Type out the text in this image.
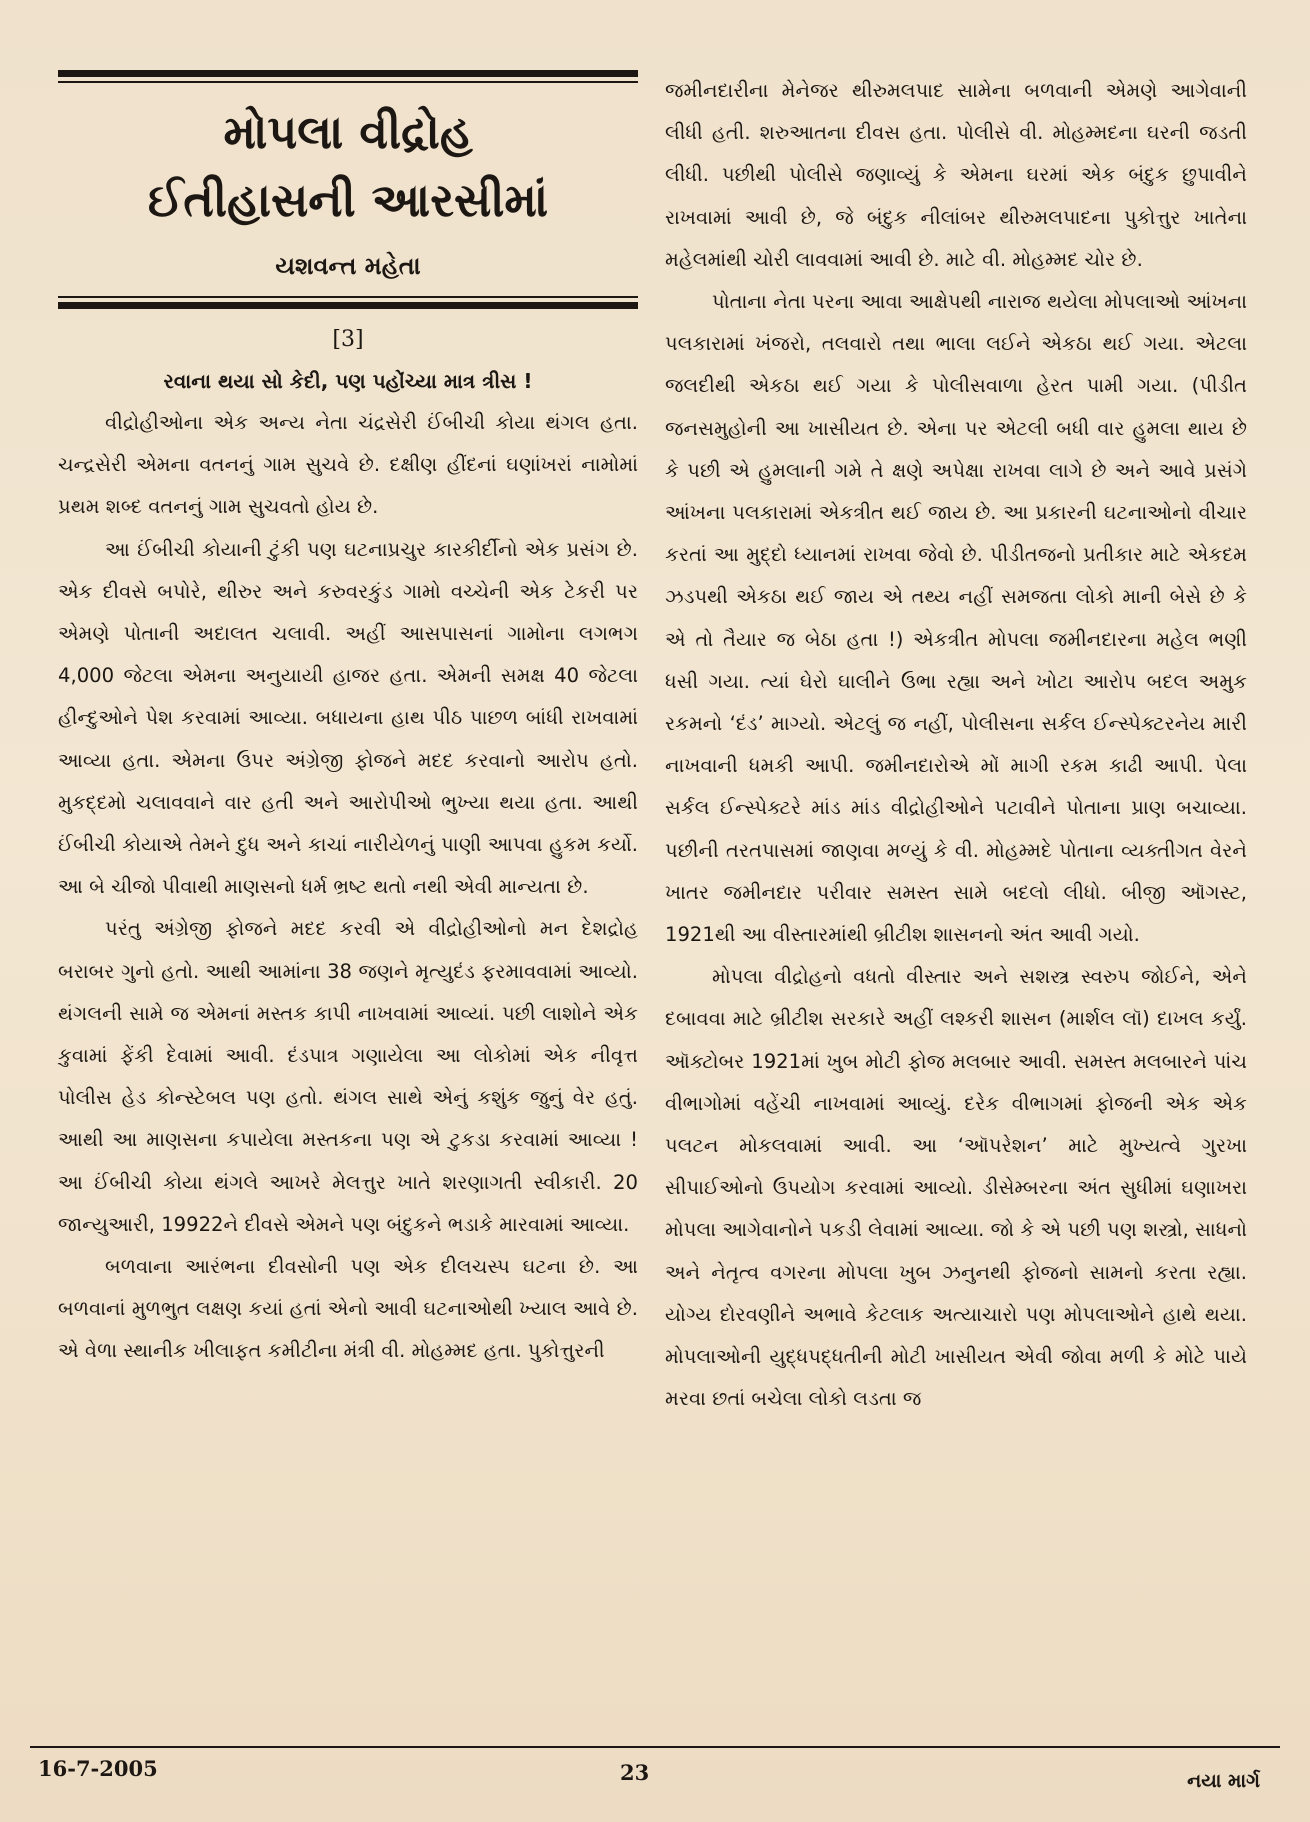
મોપલા વીદ્રોહ
ઈતીહાસની આરસીમાં
યશવન્ત મહેતા
[3]
રવાના થયા સો કેદી, પણ પહોંચ્યા માત્ર ત્રીસ !

વીદ્રોહીઓના એક અન્ય નેતા ચંદ્રસેરી ઈંબીચી કોયા થંગલ હતા. ચન્દ્રસેરી એમના વતનનું ગામ સુચવે છે. દક્ષીણ હીંદનાં ઘણાંખરાં નામોમાં પ્રથમ શબ્દ વતનનું ગામ સુચવતો હોય છે.

આ ઈંબીચી કોયાની ટુંકી પણ ઘટનાપ્રચુર કારકીર્દીનો એક પ્રસંગ છે. એક દીવસે બપોરે, થીરુર અને કરુવરકુંડ ગામો વચ્ચેની એક ટેકરી પર એમણે પોતાની અદાલત ચલાવી. અહીં આસપાસનાં ગામોના લગભગ 4,000 જેટલા એમના અનુયાયી હાજર હતા. એમની સમક્ષ 40 જેટલા હીન્દુઓને પેશ કરવામાં આવ્યા. બધાયના હાથ પીઠ પાછળ બાંધી રાખવામાં આવ્યા હતા. એમના ઉપર અંગ્રેજી ફોજને મદદ કરવાનો આરોપ હતો. મુકદ્દમો ચલાવવાને વાર હતી અને આરોપીઓ ભુખ્યા થયા હતા. આથી ઈંબીચી કોયાએ તેમને દુધ અને કાચાં નારીયેળનું પાણી આપવા હુકમ કર્યો. આ બે ચીજો પીવાથી માણસનો ધર્મ ભ્રષ્ટ થતો નથી એવી માન્યતા છે.

પરંતુ અંગ્રેજી ફોજને મદદ કરવી એ વીદ્રોહીઓનો મન દેશદ્રોહ બરાબર ગુનો હતો. આથી આમાંના 38 જણને મૃત્યુદંડ ફરમાવવામાં આવ્યો. થંગલની સામે જ એમનાં મસ્તક કાપી નાખવામાં આવ્યાં. પછી લાશોને એક કુવામાં ફેંકી દેવામાં આવી. દંડપાત્ર ગણાયેલા આ લોકોમાં એક નીવૃત્ત પોલીસ હેડ કોન્સ્ટેબલ પણ હતો. થંગલ સાથે એનું કશુંક જુનું વેર હતું. આથી આ માણસના કપાયેલા મસ્તકના પણ એ ટુકડા કરવામાં આવ્યા ! આ ઈંબીચી કોયા થંગલે આખરે મેલત્તુર ખાતે શરણાગતી સ્વીકારી. 20 જાન્યુઆરી, 19922ને દીવસે એમને પણ બંદુકને ભડાકે મારવામાં આવ્યા.

બળવાના આરંભના દીવસોની પણ એક દીલચસ્પ ઘટના છે. આ બળવાનાં મુળભુત લક્ષણ કયાં હતાં એનો આવી ઘટનાઓથી ખ્યાલ આવે છે. એ વેળા સ્થાનીક ખીલાફત કમીટીના મંત્રી વી. મોહમ્મદ હતા. પુકોત્તુરની

જમીનદારીના મેનેજર થીરુમલપાદ સામેના બળવાની એમણે આગેવાની લીધી હતી. શરુઆતના દીવસ હતા. પોલીસે વી. મોહમ્મદના ઘરની જડતી લીધી. પછીથી પોલીસે જણાવ્યું કે એમના ઘરમાં એક બંદુક છુપાવીને રાખવામાં આવી છે, જે બંદુક નીલાંબર થીરુમલપાદના પુકોત્તુર ખાતેના મહેલમાંથી ચોરી લાવવામાં આવી છે. માટે વી. મોહમ્મદ ચોર છે.

પોતાના નેતા પરના આવા આક્ષેપથી નારાજ થયેલા મોપલાઓ આંખના પલકારામાં ખંજરો, તલવારો તથા ભાલા લઈને એકઠા થઈ ગયા. એટલા જલદીથી એકઠા થઈ ગયા કે પોલીસવાળા હેરત પામી ગયા. (પીડીત જનસમુહોની આ ખાસીયત છે. એના પર એટલી બધી વાર હુમલા થાય છે કે પછી એ હુમલાની ગમે તે ક્ષણે અપેક્ષા રાખવા લાગે છે અને આવે પ્રસંગે આંખના પલકારામાં એકત્રીત થઈ જાય છે. આ પ્રકારની ઘટનાઓનો વીચાર કરતાં આ મુદ્દો ધ્યાનમાં રાખવા જેવો છે. પીડીતજનો પ્રતીકાર માટે એકદમ ઝડપથી એકઠા થઈ જાય એ તથ્ય નહીં સમજતા લોકો માની બેસે છે કે એ તો તૈયાર જ બેઠા હતા !) એકત્રીત મોપલા જમીનદારના મહેલ ભણી ધસી ગયા. ત્યાં ઘેરો ઘાલીને ઉભા રહ્યા અને ખોટા આરોપ બદલ અમુક રકમનો ‘દંડ’ માગ્યો. એટલું જ નહીં, પોલીસના સર્કલ ઈન્સ્પેક્ટરનેય મારી નાખવાની ધમકી આપી. જમીનદારોએ મોં માગી રકમ કાઢી આપી. પેલા સર્કલ ઈન્સ્પેક્ટરે માંડ માંડ વીદ્રોહીઓને પટાવીને પોતાના પ્રાણ બચાવ્યા. પછીની તરતપાસમાં જાણવા મળ્યું કે વી. મોહમ્મદે પોતાના વ્યક્તીગત વેરને ખાતર જમીનદાર પરીવાર સમસ્ત સામે બદલો લીધો. બીજી ઑગસ્ટ, 1921થી આ વીસ્તારમાંથી બ્રીટીશ શાસનનો અંત આવી ગયો.

મોપલા વીદ્રોહનો વધતો વીસ્તાર અને સશસ્ત્ર સ્વરુપ જોઈને, એને દબાવવા માટે બ્રીટીશ સરકારે અહીં લશ્કરી શાસન (માર્શલ લૉ) દાખલ કર્યું. ઑક્ટોબર 1921માં ખુબ મોટી ફોજ મલબાર આવી. સમસ્ત મલબારને પાંચ વીભાગોમાં વહેંચી નાખવામાં આવ્યું. દરેક વીભાગમાં ફોજની એક એક પલટન મોકલવામાં આવી. આ ‘ઑપરેશન’ માટે મુખ્યત્વે ગુરખા સીપાઈઓનો ઉપયોગ કરવામાં આવ્યો. ડીસેમ્બરના અંત સુધીમાં ઘણાખરા મોપલા આગેવાનોને પકડી લેવામાં આવ્યા. જો કે એ પછી પણ શસ્ત્રો, સાધનો અને નેતૃત્વ વગરના મોપલા ખુબ ઝનુનથી ફોજનો સામનો કરતા રહ્યા. યોગ્ય દોરવણીને અભાવે કેટલાક અત્યાચારો પણ મોપલાઓને હાથે થયા. મોપલાઓની યુદ્ધપદ્ધતીની મોટી ખાસીયત એવી જોવા મળી કે મોટે પાયે મરવા છતાં બચેલા લોકો લડતા જ

16-7-2005	23	નયા માર્ગ
